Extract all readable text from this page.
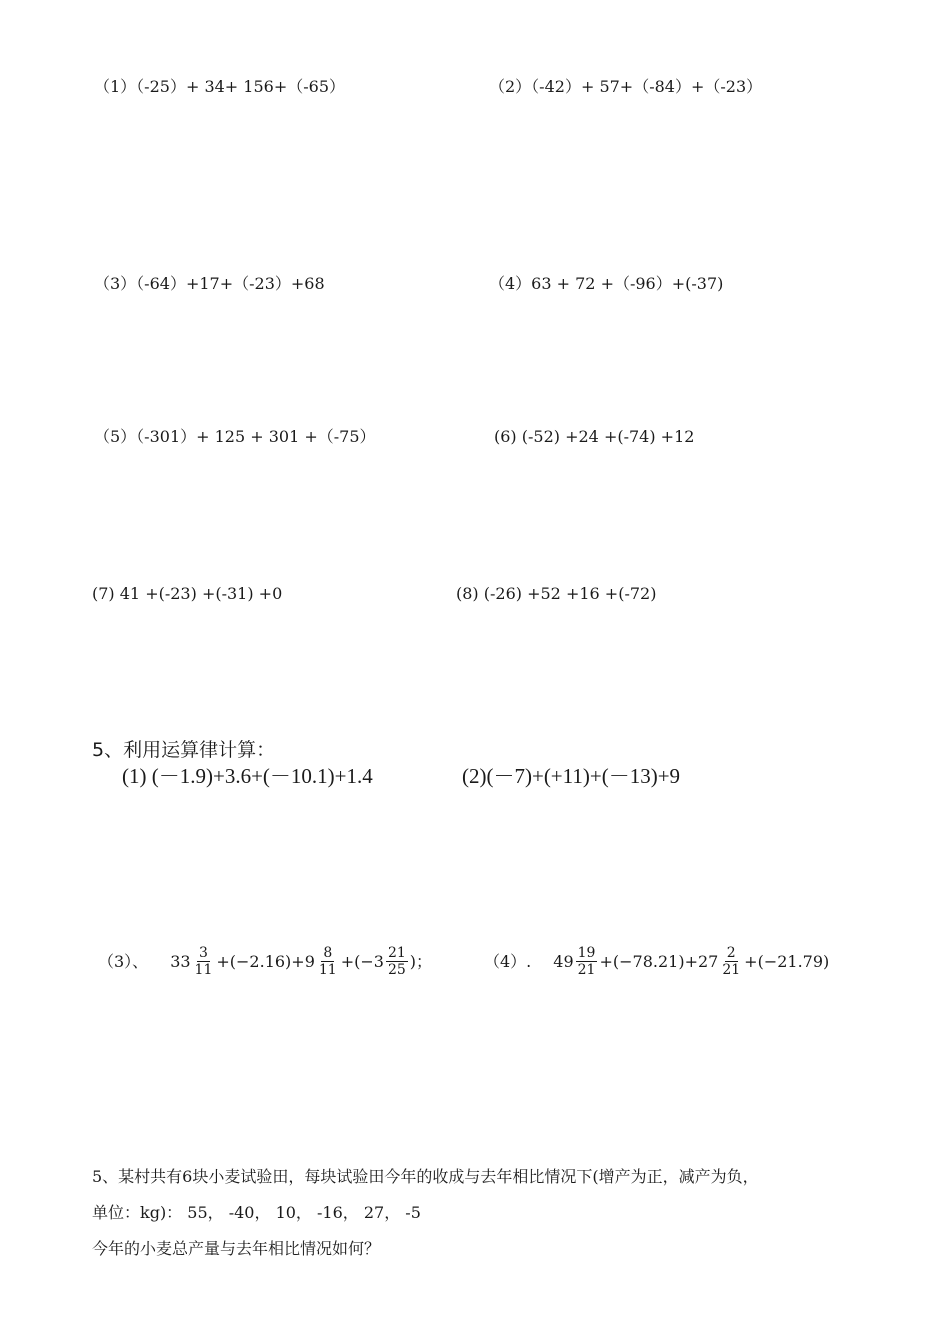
（1）（-25）+ 34+ 156+（-65）	（2）（-42）+ 57+（-84）+（-23）
（3）（-64）+17+（-23）+68	（4）63 + 72 +（-96）+(-37)
（5）（-301）+ 125 + 301 +（-75）	(6) (-52) +24 +(-74) +12
(7) 41 +(-23) +(-31) +0	(8) (-26) +52 +16 +(-72)
5、利用运算律计算：
(1) (－1.9)+3.6+(－10.1)+1.4	(2)(－7)+(+11)+(－13)+9
（3）、 $33 \frac{3}{11} +(-2.16)+9 \frac{8}{11} +(-3 \frac{21}{25}$ )；	（4）. $49 \frac{19}{21} +(-78.21)+27 \frac{2}{21} +(-21.79)$
5、某村共有6块小麦试验田，每块试验田今年的收成与去年相比情况下(增产为正，减产为负，
单位：kg)： 55， -40， 10， -16， 27， -5
今年的小麦总产量与去年相比情况如何？
